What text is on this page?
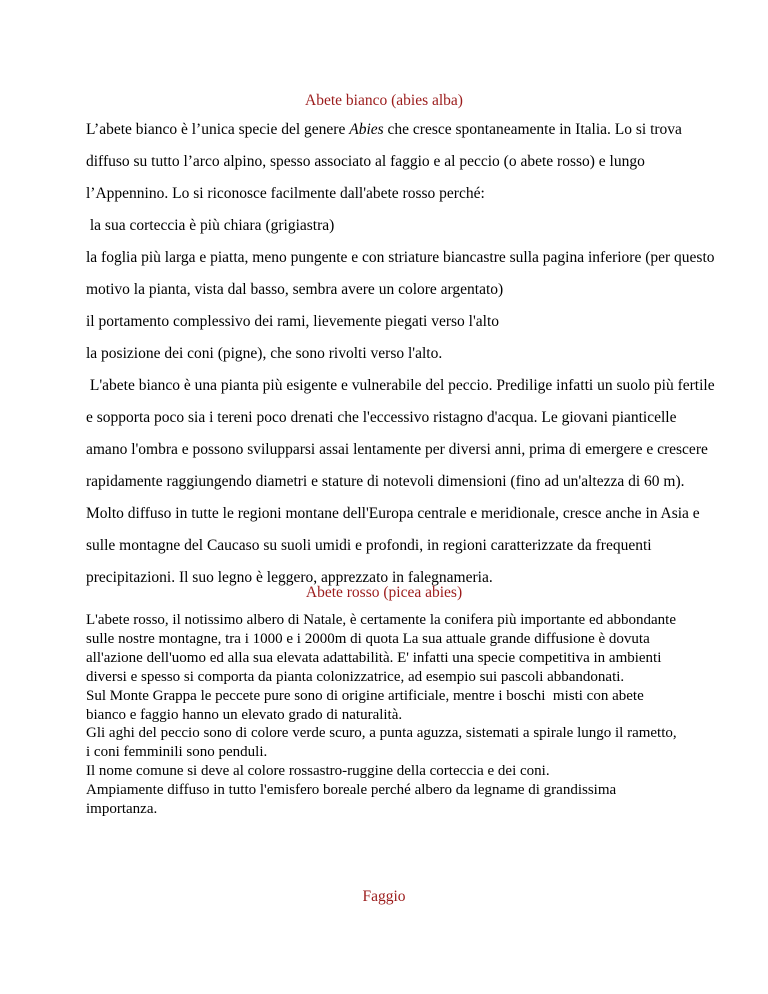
Abete bianco (abies alba)

L’abete bianco è l’unica specie del genere Abies che cresce spontaneamente in Italia. Lo si trova

diffuso su tutto l’arco alpino, spesso associato al faggio e al peccio (o abete rosso) e lungo

l’Appennino. Lo si riconosce facilmente dall'abete rosso perché:

la sua corteccia è più chiara (grigiastra)

la foglia più larga e piatta, meno pungente e con striature biancastre sulla pagina inferiore (per questo

motivo la pianta, vista dal basso, sembra avere un colore argentato)

il portamento complessivo dei rami, lievemente piegati verso l'alto

la posizione dei coni (pigne), che sono rivolti verso l'alto.

L'abete bianco è una pianta più esigente e vulnerabile del peccio. Predilige infatti un suolo più fertile

e sopporta poco sia i tereni poco drenati che l'eccessivo ristagno d'acqua. Le giovani pianticelle

amano l'ombra e possono svilupparsi assai lentamente per diversi anni, prima di emergere e crescere

rapidamente raggiungendo diametri e stature di notevoli dimensioni (fino ad un'altezza di 60 m).

Molto diffuso in tutte le regioni montane dell'Europa centrale e meridionale, cresce anche in Asia e

sulle montagne del Caucaso su suoli umidi e profondi, in regioni caratterizzate da frequenti

precipitazioni. Il suo legno è leggero, apprezzato in falegnameria.

Abete rosso (picea abies)

L'abete rosso, il notissimo albero di Natale, è certamente la conifera più importante ed abbondante

sulle nostre montagne, tra i 1000 e i 2000m di quota La sua attuale grande diffusione è dovuta

all'azione dell'uomo ed alla sua elevata adattabilità. E' infatti una specie competitiva in ambienti

diversi e spesso si comporta da pianta colonizzatrice, ad esempio sui pascoli abbandonati.

Sul Monte Grappa le peccete pure sono di origine artificiale, mentre i boschi  misti con abete

bianco e faggio hanno un elevato grado di naturalità.

Gli aghi del peccio sono di colore verde scuro, a punta aguzza, sistemati a spirale lungo il rametto,

i coni femminili sono penduli.

Il nome comune si deve al colore rossastro-ruggine della corteccia e dei coni.

Ampiamente diffuso in tutto l'emisfero boreale perché albero da legname di grandissima

importanza.

Faggio
